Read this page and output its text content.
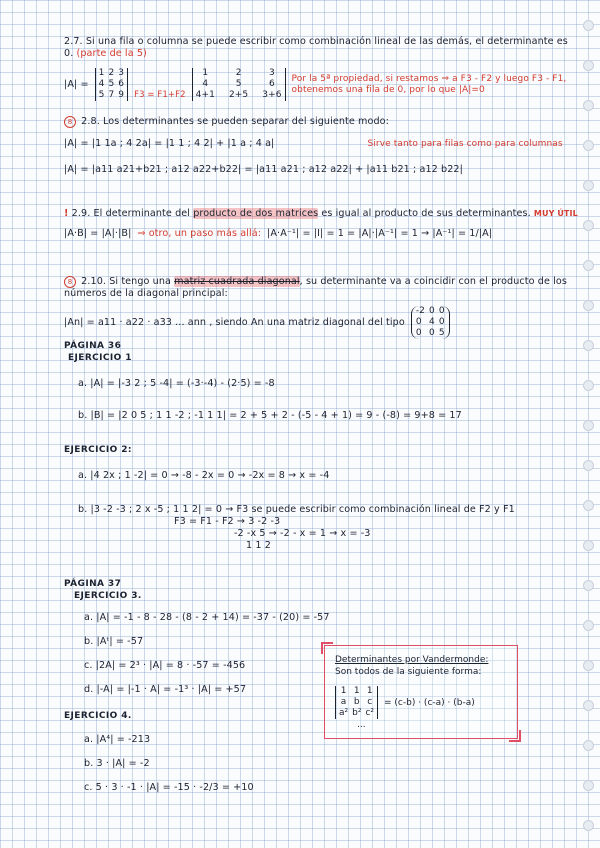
2.7. Si una fila o columna se puede escribir como combinación lineal de las demás, el determinante es 0. (parte de la 5)
|A| =
1 2 3
4 5 6
5 7 9 F3 = F1+F2
1	2	3
4	5	6
4+1 2+5 3+6
Por la 5ª propiedad, si restamos ⇒ a F3 - F2 y luego F3 - F1, obtenemos una fila de 0, por lo que |A|=0
8 2.8. Los determinantes se pueden separar del siguiente modo:
|A| = |1 1a ; 4 2a| = |1 1 ; 4 2| + |1 a ; 4 a|	Sirve tanto para filas como para columnas
|A| = |a11 a21+b21 ; a12 a22+b22| = |a11 a21 ; a12 a22| + |a11 b21 ; a12 b22|
! 2.9. El determinante del producto de dos matrices es igual al producto de sus determinantes. MUY ÚTIL
|A·B| = |A|·|B| ⇒ otro, un paso más allá: |A·A⁻¹| = |I| = 1 = |A|·|A⁻¹| = 1 → |A⁻¹| = 1/|A|
8 2.10. Si tengo una matriz cuadrada diagonal, su determinante va a coincidir con el producto de los números de la diagonal principal:
|An| = a11 · a22 · a33 ... ann , siendo An una matriz diagonal del tipo
-2 0 0
0 4 0
0 0 5
PÁGINA 36
EJERCICIO 1
a. |A| = |-3 2 ; 5 -4| = (-3·-4) - (2·5) = -8
b. |B| = |2 0 5 ; 1 1 -2 ; -1 1 1| = 2 + 5 + 2 - (-5 - 4 + 1) = 9 - (-8) = 9+8 = 17
EJERCICIO 2:
a. |4 2x ; 1 -2| = 0 → -8 - 2x = 0 → -2x = 8 → x = -4
b. |3 -2 -3 ; 2 x -5 ; 1 1 2| = 0 → F3 se puede escribir como combinación lineal de F2 y F1
F3 = F1 - F2 → 3 -2 -3
-2 -x 5 → -2 - x = 1 → x = -3
1 1 2
PÁGINA 37
EJERCICIO 3.
a. |A| = -1 - 8 - 28 - (8 - 2 + 14) = -37 - (20) = -57
b. |Aᵗ| = -57
c. |2A| = 2³ · |A| = 8 · -57 = -456
d. |-A| = |-1 · A| = -1³ · |A| = +57
EJERCICIO 4.
a. |A⁴| = -213
b. 3 · |A| = -2
c. 5 · 3 · -1 · |A| = -15 · -2/3 = +10
Determinantes por Vandermonde:
Son todos de la siguiente forma:
1 1 1
a b c
a² b² c²
= (c-b) · (c-a) · (b-a)
...
